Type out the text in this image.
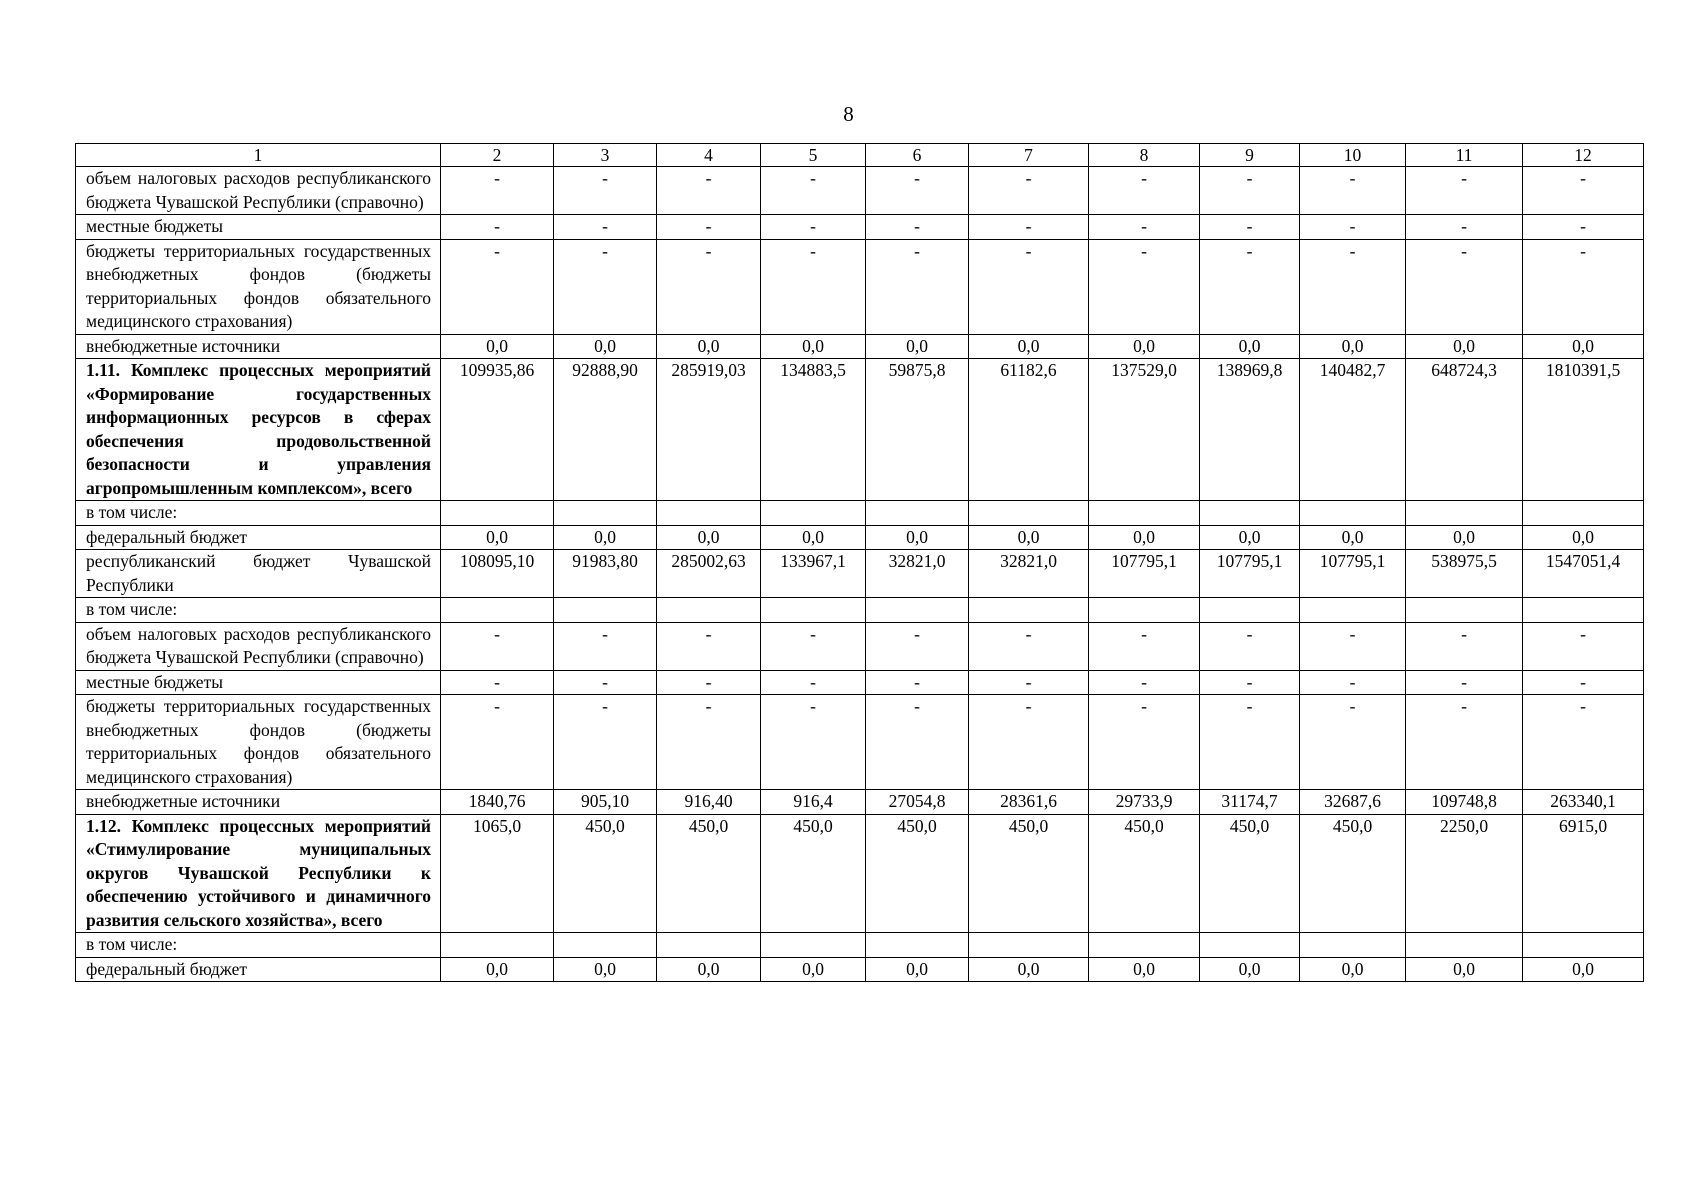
8
1	2	3	4	5	6	7	8	9	10	11	12
объем налоговых расходов республиканского бюджета Чувашской Республики (справочно)	-	-	-	-	-	-	-	-	-	-	-
местные бюджеты	-	-	-	-	-	-	-	-	-	-	-
бюджеты территориальных государственных внебюджетных фондов (бюджеты территориальных фондов обязательного медицинского страхования)	-	-	-	-	-	-	-	-	-	-	-
внебюджетные источники	0,0	0,0	0,0	0,0	0,0	0,0	0,0	0,0	0,0	0,0	0,0
1.11. Комплекс процессных мероприятий «Формирование государственных информационных ресурсов в сферах обеспечения продовольственной безопасности и управления агропромышленным комплексом», всего	109935,86	92888,90	285919,03	134883,5	59875,8	61182,6	137529,0	138969,8	140482,7	648724,3	1810391,5
в том числе:											
федеральный бюджет	0,0	0,0	0,0	0,0	0,0	0,0	0,0	0,0	0,0	0,0	0,0
республиканский бюджет Чувашской Республики	108095,10	91983,80	285002,63	133967,1	32821,0	32821,0	107795,1	107795,1	107795,1	538975,5	1547051,4
в том числе:											
объем налоговых расходов республиканского бюджета Чувашской Республики (справочно)	-	-	-	-	-	-	-	-	-	-	-
местные бюджеты	-	-	-	-	-	-	-	-	-	-	-
бюджеты территориальных государственных внебюджетных фондов (бюджеты территориальных фондов обязательного медицинского страхования)	-	-	-	-	-	-	-	-	-	-	-
внебюджетные источники	1840,76	905,10	916,40	916,4	27054,8	28361,6	29733,9	31174,7	32687,6	109748,8	263340,1
1.12. Комплекс процессных мероприятий «Стимулирование муниципальных округов Чувашской Республики к обеспечению устойчивого и динамичного развития сельского хозяйства», всего	1065,0	450,0	450,0	450,0	450,0	450,0	450,0	450,0	450,0	2250,0	6915,0
в том числе:											
федеральный бюджет	0,0	0,0	0,0	0,0	0,0	0,0	0,0	0,0	0,0	0,0	0,0
